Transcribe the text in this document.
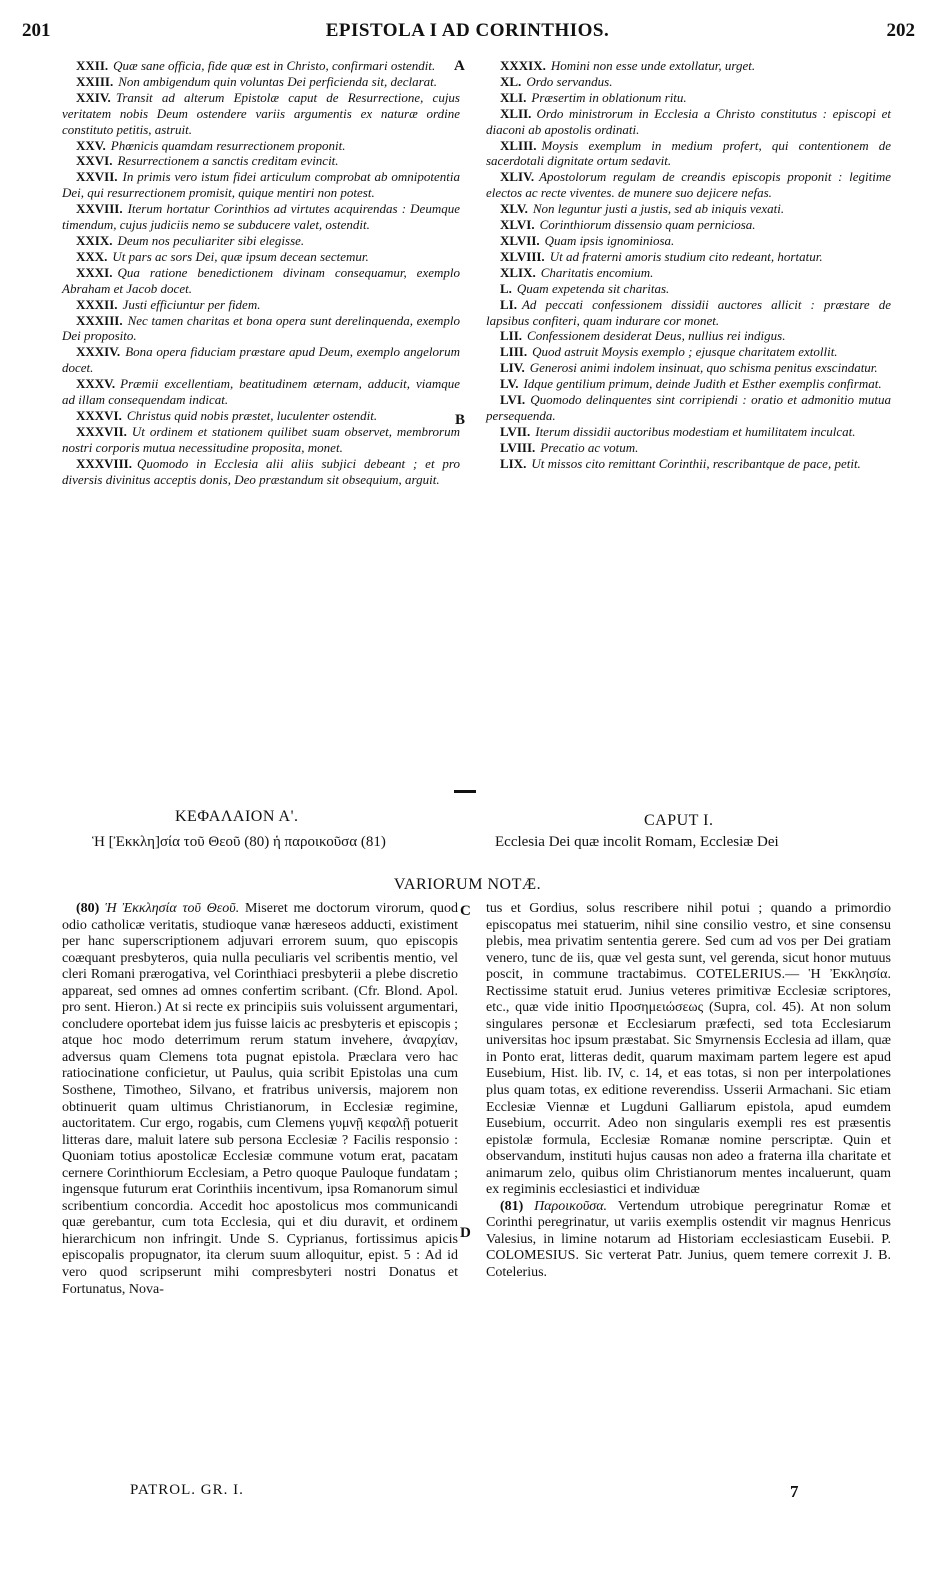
201	EPISTOLA I AD CORINTHIOS.	202

XXII. Quæ sane officia, fide quæ est in Christo, confirmari ostendit.

XXIII. Non ambigendum quin voluntas Dei perficienda sit, declarat.

XXIV. Transit ad alterum Epistolæ caput de Resurrectione, cujus veritatem nobis Deum ostendere variis argumentis ex naturæ ordine constituto petitis, astruit.

XXV. Phœnicis quamdam resurrectionem proponit.

XXVI. Resurrectionem a sanctis creditam evincit.

XXVII. In primis vero istum fidei articulum comprobat ab omnipotentia Dei, qui resurrectionem promisit, quique mentiri non potest.

XXVIII. Iterum hortatur Corinthios ad virtutes acquirendas : Deumque timendum, cujus judiciis nemo se subducere valet, ostendit.

XXIX. Deum nos peculiariter sibi elegisse.

XXX. Ut pars ac sors Dei, quæ ipsum decean sectemur.

XXXI. Qua ratione benedictionem divinam consequamur, exemplo Abraham et Jacob docet.

XXXII. Justi efficiuntur per fidem.

XXXIII. Nec tamen charitas et bona opera sunt derelinquenda, exemplo Dei proposito.

XXXIV. Bona opera fiduciam præstare apud Deum, exemplo angelorum docet.

XXXV. Præmii excellentiam, beatitudinem æternam, adducit, viamque ad illam consequendam indicat.

XXXVI. Christus quid nobis præstet, luculenter ostendit.

XXXVII. Ut ordinem et stationem quilibet suam observet, membrorum nostri corporis mutua necessitudine proposita, monet.

XXXVIII. Quomodo in Ecclesia alii aliis subjici debeant ; et pro diversis divinitus acceptis donis, Deo præstandum sit obsequium, arguit.

XXXIX. Homini non esse unde extollatur, urget.

XL. Ordo servandus.

XLI. Præsertim in oblationum ritu.

XLII. Ordo ministrorum in Ecclesia a Christo constitutus : episcopi et diaconi ab apostolis ordinati.

XLIII. Moysis exemplum in medium profert, qui contentionem de sacerdotali dignitate ortum sedavit.

XLIV. Apostolorum regulam de creandis episcopis proponit : legitime electos ac recte viventes. de munere suo dejicere nefas.

XLV. Non leguntur justi a justis, sed ab iniquis vexati.

XLVI. Corinthiorum dissensio quam perniciosa.

XLVII. Quam ipsis ignominiosa.

XLVIII. Ut ad fraterni amoris studium cito redeant, hortatur.

XLIX. Charitatis encomium.

L. Quam expetenda sit charitas.

LI. Ad peccati confessionem dissidii auctores allicit : præstare de lapsibus confiteri, quam indurare cor monet.

LII. Confessionem desiderat Deus, nullius rei indigus.

LIII. Quod astruit Moysis exemplo ; ejusque charitatem extollit.

LIV. Generosi animi indolem insinuat, quo schisma penitus exscindatur.

LV. Idque gentilium primum, deinde Judith et Esther exemplis confirmat.

LVI. Quomodo delinquentes sint corripiendi : oratio et admonitio mutua persequenda.

LVII. Iterum dissidii auctoribus modestiam et humilitatem inculcat.

LVIII. Precatio ac votum.

LIX. Ut missos cito remittant Corinthii, rescribantque de pace, petit.

A
B
ΚΕΦΑΛΑΙΟΝ Α'.
Ἡ [Ἐκκλη]σία τοῦ Θεοῦ (80) ἡ παροικοῦσα (81)
CAPUT I.
Ecclesia Dei quæ incolit Romam, Ecclesiæ Dei
VARIORUM NOTÆ.

(80) Ἡ Ἐκκλησία τοῦ Θεοῦ. Miseret me doctorum virorum, quod odio catholicæ veritatis, studioque vanæ hæreseos adducti, existiment per hanc superscriptionem adjuvari errorem suum, quo episcopis coæquant presbyteros, quia nulla peculiaris vel scribentis mentio, vel cleri Romani prærogativa, vel Corinthiaci presbyterii a plebe discretio appareat, sed omnes ad omnes confertim scribant. (Cfr. Blond. Apol. pro sent. Hieron.) At si recte ex principiis suis voluissent argumentari, concludere oportebat idem jus fuisse laicis ac presbyteris et episcopis ; atque hoc modo deterrimum rerum statum invehere, ἀναρχίαν, adversus quam Clemens tota pugnat epistola. Præclara vero hac ratiocinatione conficietur, ut Paulus, quia scribit Epistolas una cum Sosthene, Timotheo, Silvano, et fratribus universis, majorem non obtinuerit quam ultimus Christianorum, in Ecclesiæ regimine, auctoritatem. Cur ergo, rogabis, cum Clemens γυμνῇ κεφαλῇ potuerit litteras dare, maluit latere sub persona Ecclesiæ ? Facilis responsio : Quoniam totius apostolicæ Ecclesiæ commune votum erat, pacatam cernere Corinthiorum Ecclesiam, a Petro quoque Pauloque fundatam ; ingensque futurum erat Corinthiis incentivum, ipsa Romanorum simul scribentium concordia. Accedit hoc apostolicus mos communicandi quæ gerebantur, cum tota Ecclesia, qui et diu duravit, et ordinem hierarchicum non infringit. Unde S. Cyprianus, fortissimus apicis episcopalis propugnator, ita clerum suum alloquitur, epist. 5 : Ad id vero quod scripserunt mihi compresbyteri nostri Donatus et Fortunatus, Nova-

tus et Gordius, solus rescribere nihil potui ; quando a primordio episcopatus mei statuerim, nihil sine consilio vestro, et sine consensu plebis, mea privatim sententia gerere. Sed cum ad vos per Dei gratiam venero, tunc de iis, quæ vel gesta sunt, vel gerenda, sicut honor mutuus poscit, in commune tractabimus. COTELERIUS.— Ἡ Ἐκκλησία. Rectissime statuit erud. Junius veteres primitivæ Ecclesiæ scriptores, etc., quæ vide initio Προσημειώσεως (Supra, col. 45). At non solum singulares personæ et Ecclesiarum præfecti, sed tota Ecclesiarum universitas hoc ipsum præstabat. Sic Smyrnensis Ecclesia ad illam, quæ in Ponto erat, litteras dedit, quarum maximam partem legere est apud Eusebium, Hist. lib. IV, c. 14, et eas totas, si non per interpolationes plus quam totas, ex editione reverendiss. Usserii Armachani. Sic etiam Ecclesiæ Viennæ et Lugduni Galliarum epistola, apud eumdem Eusebium, occurrit. Adeo non singularis exempli res est præsentis epistolæ formula, Ecclesiæ Romanæ nomine perscriptæ. Quin et observandum, instituti hujus causas non adeo a fraterna illa charitate et animarum zelo, quibus olim Christianorum mentes incaluerunt, quam ex regiminis ecclesiastici et individuæ

(81) Παροικοῦσα. Vertendum utrobique peregrinatur Romæ et Corinthi peregrinatur, ut variis exemplis ostendit vir magnus Henricus Valesius, in limine notarum ad Historiam ecclesiasticam Eusebii. P. COLOMESIUS. Sic verterat Patr. Junius, quem temere correxit J. B. Cotelerius.

C
D
PATROL. GR. I.	7
